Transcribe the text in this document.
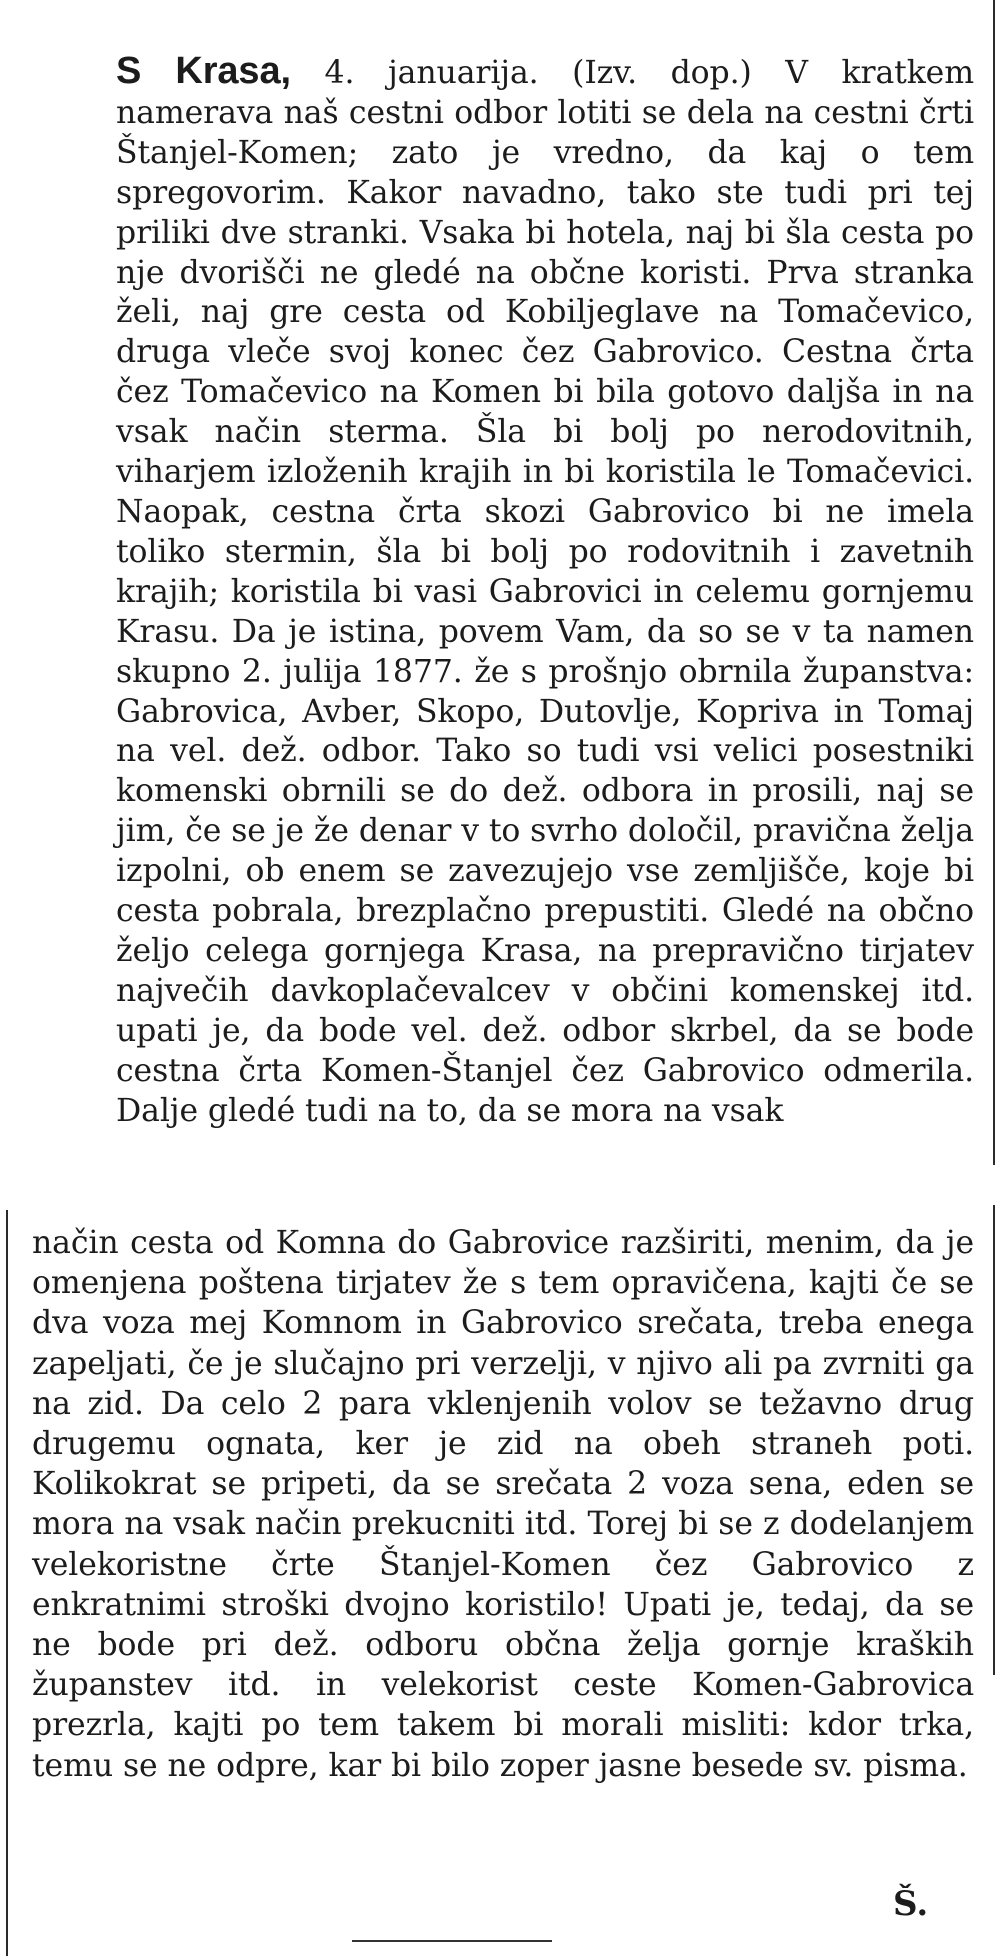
S Krasa, 4. januarija. (Izv. dop.) V kratkem namerava naš cestni odbor lotiti se dela na cestni črti Štanjel-Komen; zato je vredno, da kaj o tem spregovorim. Kakor navadno, tako ste tudi pri tej priliki dve stranki. Vsaka bi hotela, naj bi šla cesta po nje dvorišči ne gledé na občne koristi. Prva stranka želi, naj gre cesta od Kobiljeglave na Tomačevico, druga vleče svoj konec čez Gabrovico. Cestna črta čez Tomačevico na Komen bi bila gotovo daljša in na vsak način sterma. Šla bi bolj po nerodovitnih, viharjem izloženih krajih in bi koristila le Tomačevici. Naopak, cestna črta skozi Gabrovico bi ne imela toliko stermin, šla bi bolj po rodovitnih i zavetnih krajih; koristila bi vasi Gabrovici in celemu gornjemu Krasu. Da je istina, povem Vam, da so se v ta namen skupno 2. julija 1877. že s prošnjo obrnila županstva: Gabrovica, Avber, Skopo, Dutovlje, Kopriva in Tomaj na vel. dež. odbor. Tako so tudi vsi velici posestniki komenski obrnili se do dež. odbora in prosili, naj se jim, če se je že denar v to svrho določil, pravična želja izpolni, ob enem se zavezujejo vse zemljišče, koje bi cesta pobrala, brezplačno prepustiti. Gledé na občno željo celega gornjega Krasa, na prepravično tirjatev največih davkoplačevalcev v občini komenskej itd. upati je, da bode vel. dež. odbor skrbel, da se bode cestna črta Komen-Štanjel čez Gabrovico odmerila. Dalje gledé tudi na to, da se mora na vsak

način cesta od Komna do Gabrovice razširiti, menim, da je omenjena poštena tirjatev že s tem opravičena, kajti če se dva voza mej Komnom in Gabrovico srečata, treba enega zapeljati, če je slučajno pri verzelji, v njivo ali pa zvrniti ga na zid. Da celo 2 para vklenjenih volov se težavno drug drugemu ognata, ker je zid na obeh straneh poti. Kolikokrat se pripeti, da se srečata 2 voza sena, eden se mora na vsak način prekucniti itd. Torej bi se z dodelanjem velekoristne črte Štanjel-Komen čez Gabrovico z enkratnimi stroški dvojno koristilo! Upati je, tedaj, da se ne bode pri dež. odboru občna želja gornje kraških županstev itd. in velekorist ceste Komen-Gabrovica prezrla, kajti po tem takem bi morali misliti: kdor trka, temu se ne odpre, kar bi bilo zoper jasne besede sv. pisma.

Š.
